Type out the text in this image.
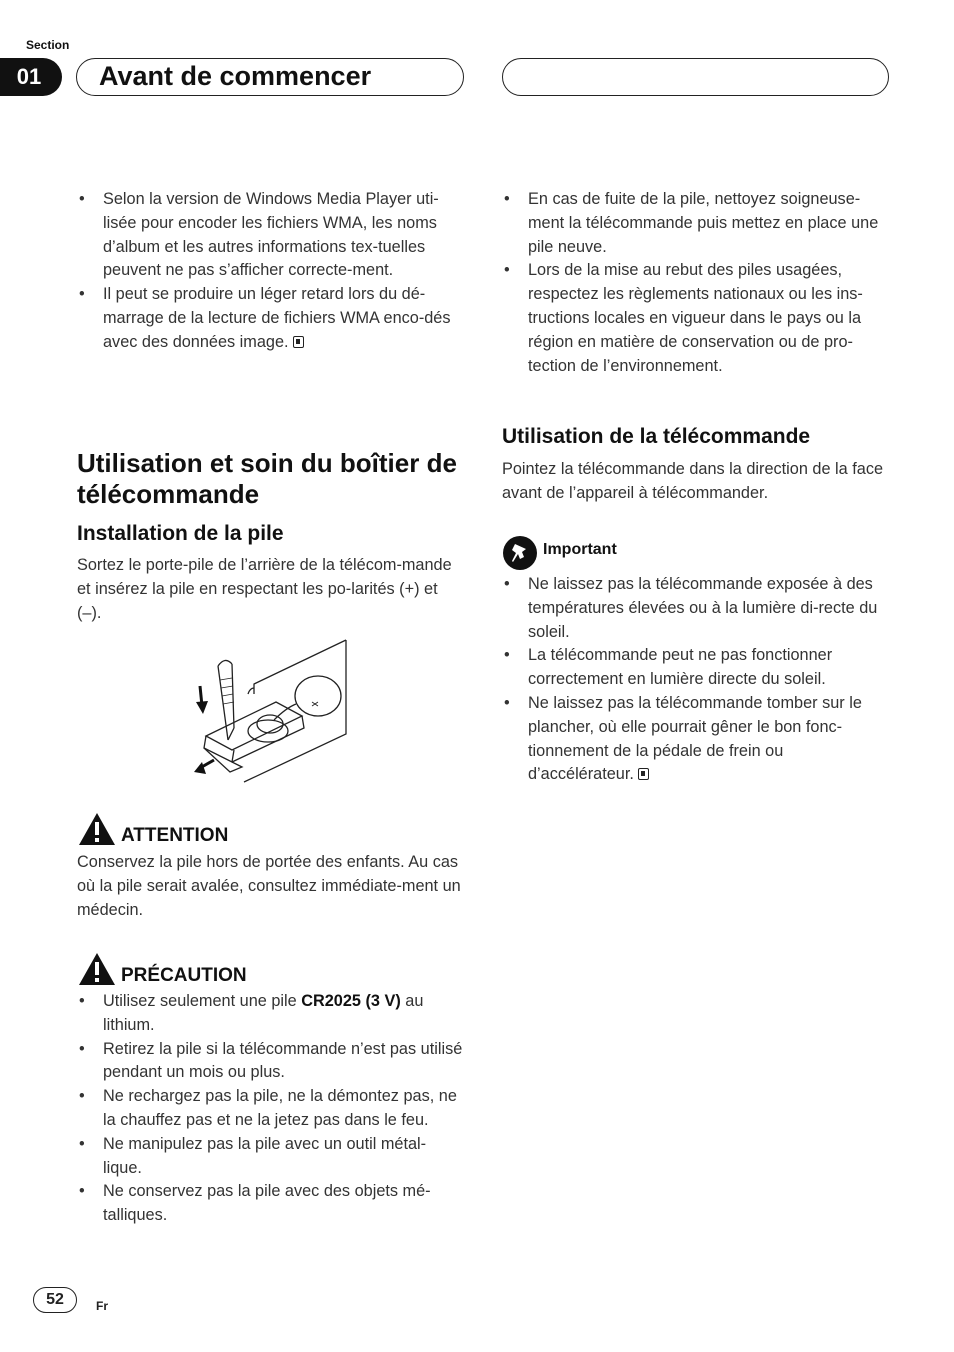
Section
01	Avant de commencer
• Selon la version de Windows Media Player uti-lisée pour encoder les fichiers WMA, les noms d’album et les autres informations tex-tuelles peuvent ne pas s’afficher correcte-ment.
• Il peut se produire un léger retard lors du dé-marrage de la lecture de fichiers WMA enco-dés avec des données image.
Utilisation et soin du boîtier de télécommande
Installation de la pile
Sortez le porte-pile de l’arrière de la télécom-mande et insérez la pile en respectant les po-larités (+) et (–).
ATTENTION
Conservez la pile hors de portée des enfants. Au cas où la pile serait avalée, consultez immédiate-ment un médecin.
PRÉCAUTION
• Utilisez seulement une pile CR2025 (3 V) au lithium.
• Retirez la pile si la télécommande n’est pas utilisé pendant un mois ou plus.
• Ne rechargez pas la pile, ne la démontez pas, ne la chauffez pas et ne la jetez pas dans le feu.
• Ne manipulez pas la pile avec un outil métal-lique.
• Ne conservez pas la pile avec des objets mé-talliques.
• En cas de fuite de la pile, nettoyez soigneuse-ment la télécommande puis mettez en place une pile neuve.
• Lors de la mise au rebut des piles usagées, respectez les règlements nationaux ou les ins-tructions locales en vigueur dans le pays ou la région en matière de conservation ou de pro-tection de l’environnement.
Utilisation de la télécommande
Pointez la télécommande dans la direction de la face avant de l’appareil à télécommander.
Important
• Ne laissez pas la télécommande exposée à des températures élevées ou à la lumière di-recte du soleil.
• La télécommande peut ne pas fonctionner correctement en lumière directe du soleil.
• Ne laissez pas la télécommande tomber sur le plancher, où elle pourrait gêner le bon fonc-tionnement de la pédale de frein ou d’accélérateur.
52	Fr
